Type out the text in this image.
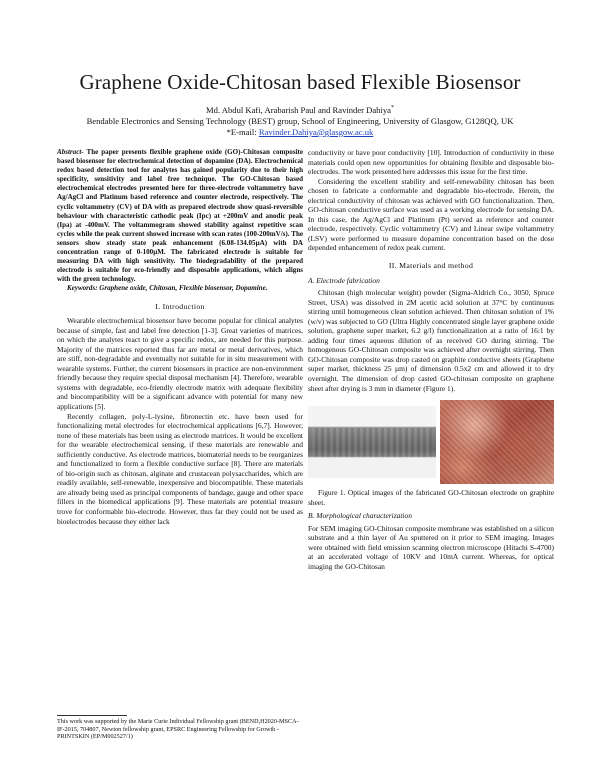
Graphene Oxide-Chitosan based Flexible Biosensor
Md. Abdul Kafi, Arabarish Paul and Ravinder Dahiya*
Bendable Electronics and Sensing Technology (BEST) group, School of Engineering, University of Glasgow, G128QQ, UK
*E-mail: Ravinder.Dahiya@glasgow.ac.uk

Abstract- The paper presents flexible graphene oxide (GO)-Chitosan composite based biosensor for electrochemical detection of dopamine (DA). Electrochemical redox based detection tool for analytes has gained popularity due to their high specificity, sensitivity and label free technique. The GO-Chitosan based electrochemical electrodes presented here for three-electrode voltammetry have Ag/AgCl and Platinum based reference and counter electrode, respectively. The cyclic voltammetry (CV) of DA with as prepared electrode show quasi-reversible behaviour with characteristic cathodic peak (Ipc) at +200mV and anodic peak (Ipa) at -400mV. The voltammogram showed stability against repetitive scan cycles while the peak current showed increase with scan rates (100-200mV/s). The sensors show steady state peak enhancement (6.08-134.05µA) with DA concentration range of 0-100µM. The fabricated electrode is suitable for measuring DA with high sensitivity. The biodegradability of the prepared electrode is suitable for eco-friendly and disposable applications, which aligns with the green technology.

Keywords: Graphene oxide, Chitosan, Flexible biosensor, Dopamine.

I. Introduction

Wearable electrochemical biosensor have become popular for clinical analytes because of simple, fast and label free detection [1-3]. Great varieties of matrices, on which the analytes react to give a specific redox, are needed for this purpose. Majority of the matrices reported thus far are metal or metal derivatives, which are stiff, non-degradable and eventually not suitable for in situ measurement with wearable systems. Further, the current biosensors in practice are non-environment friendly because they require special disposal mechanism [4]. Therefore, wearable systems with degradable, eco-friendly electrode matrix with adequate flexibility and biocompatibility will be a significant advance with potential for many new applications [5].

Recently collagen, poly-L-lysine, fibronectin etc. have been used for functionalizing metal electrodes for electrochemical applications [6,7]. However, none of these materials has been using as electrode matrices. It would be excellent for the wearable electrochemical sensing, if these materials are renewable and sufficiently conductive. As electrode matrices, biomaterial needs to be reorganizes and functionalized to form a flexible conductive surface [8]. There are materials of bio-origin such as chitosan, alginate and crustacean polysaccharides, which are readily available, self-renewable, inexpensive and biocompatible. These materials are already being used as principal components of bandage, gauge and other space fillers in the biomedical applications [9]. These materials are potential treasure trove for conformable bio-electrode. However, thus far they could not be used as bioelectrodes because they either lack

conductivity or have poor conductivity [10]. Introduction of conductivity in these materials could open new opportunities for obtaining flexible and disposable bio-electrodes. The work presented here addresses this issue for the first time.

Considering the excellent stability and self-renewability chitosan has been chosen to fabricate a conformable and degradable bio-electrode. Herein, the electrical conductivity of chitosan was achieved with GO functionalization. Then, GO-chitosan conductive surface was used as a working electrode for sensing DA. In this case, the Ag/AgCl and Platinum (Pt) served as reference and counter electrode, respectively. Cyclic voltammetry (CV) and Linear swipe voltammetry (LSV) were performed to measure dopamine concentration based on the dose depended enhancement of redox peak current.

II. Materials and method
A. Electrode fabrication

Chitosan (high molecular weight) powder (Sigma-Aldrich Co., 3050, Spruce Street, USA) was dissolved in 2M acetic acid solution at 37°C by continuous stirring until homogeneous clean solution achieved. Then chitosan solution of 1% (w/v) was subjected to GO (Ultra Highly concentrated single layer graphene oxide solution, graphene super market, 6.2 g/l) functionalization at a ratio of 16:1 by adding four times aqueous dilution of as received GO during stirring. The homogenous GO-Chitosan composite was achieved after overnight stirring. Then GO-Chitosan composite was drop casted on graphite conductive sheets (Graphene super market, thickness 25 µm) of dimension 0.5x2 cm and allowed it to dry overnight. The dimension of drop casted GO-chitosan composite on graphene sheet after drying is 3 mm in diameter (Figure 1).

Figure 1. Optical images of the fabricated GO-Chitosan electrode on graphite sheet.

B. Morphological characterization

For SEM imaging GO-Chitosan composite membrane was established on a silicon substrate and a thin layer of Au sputtered on it prior to SEM imaging. Images were obtained with field emission scanning electron microscope (Hitachi S-4700) at an accelerated voltage of 10KV and 10mA current. Whereas, for optical imaging the GO-Chitosan

This work was supported by the Marie Curie Individual Fellowship grant (BEND,H2020-MSCA-IF-2015, 704807, Newton fellowship grant, EPSRC Engineering Fellowship for Growth - PRINTSKIN (EP/M002527/1)
